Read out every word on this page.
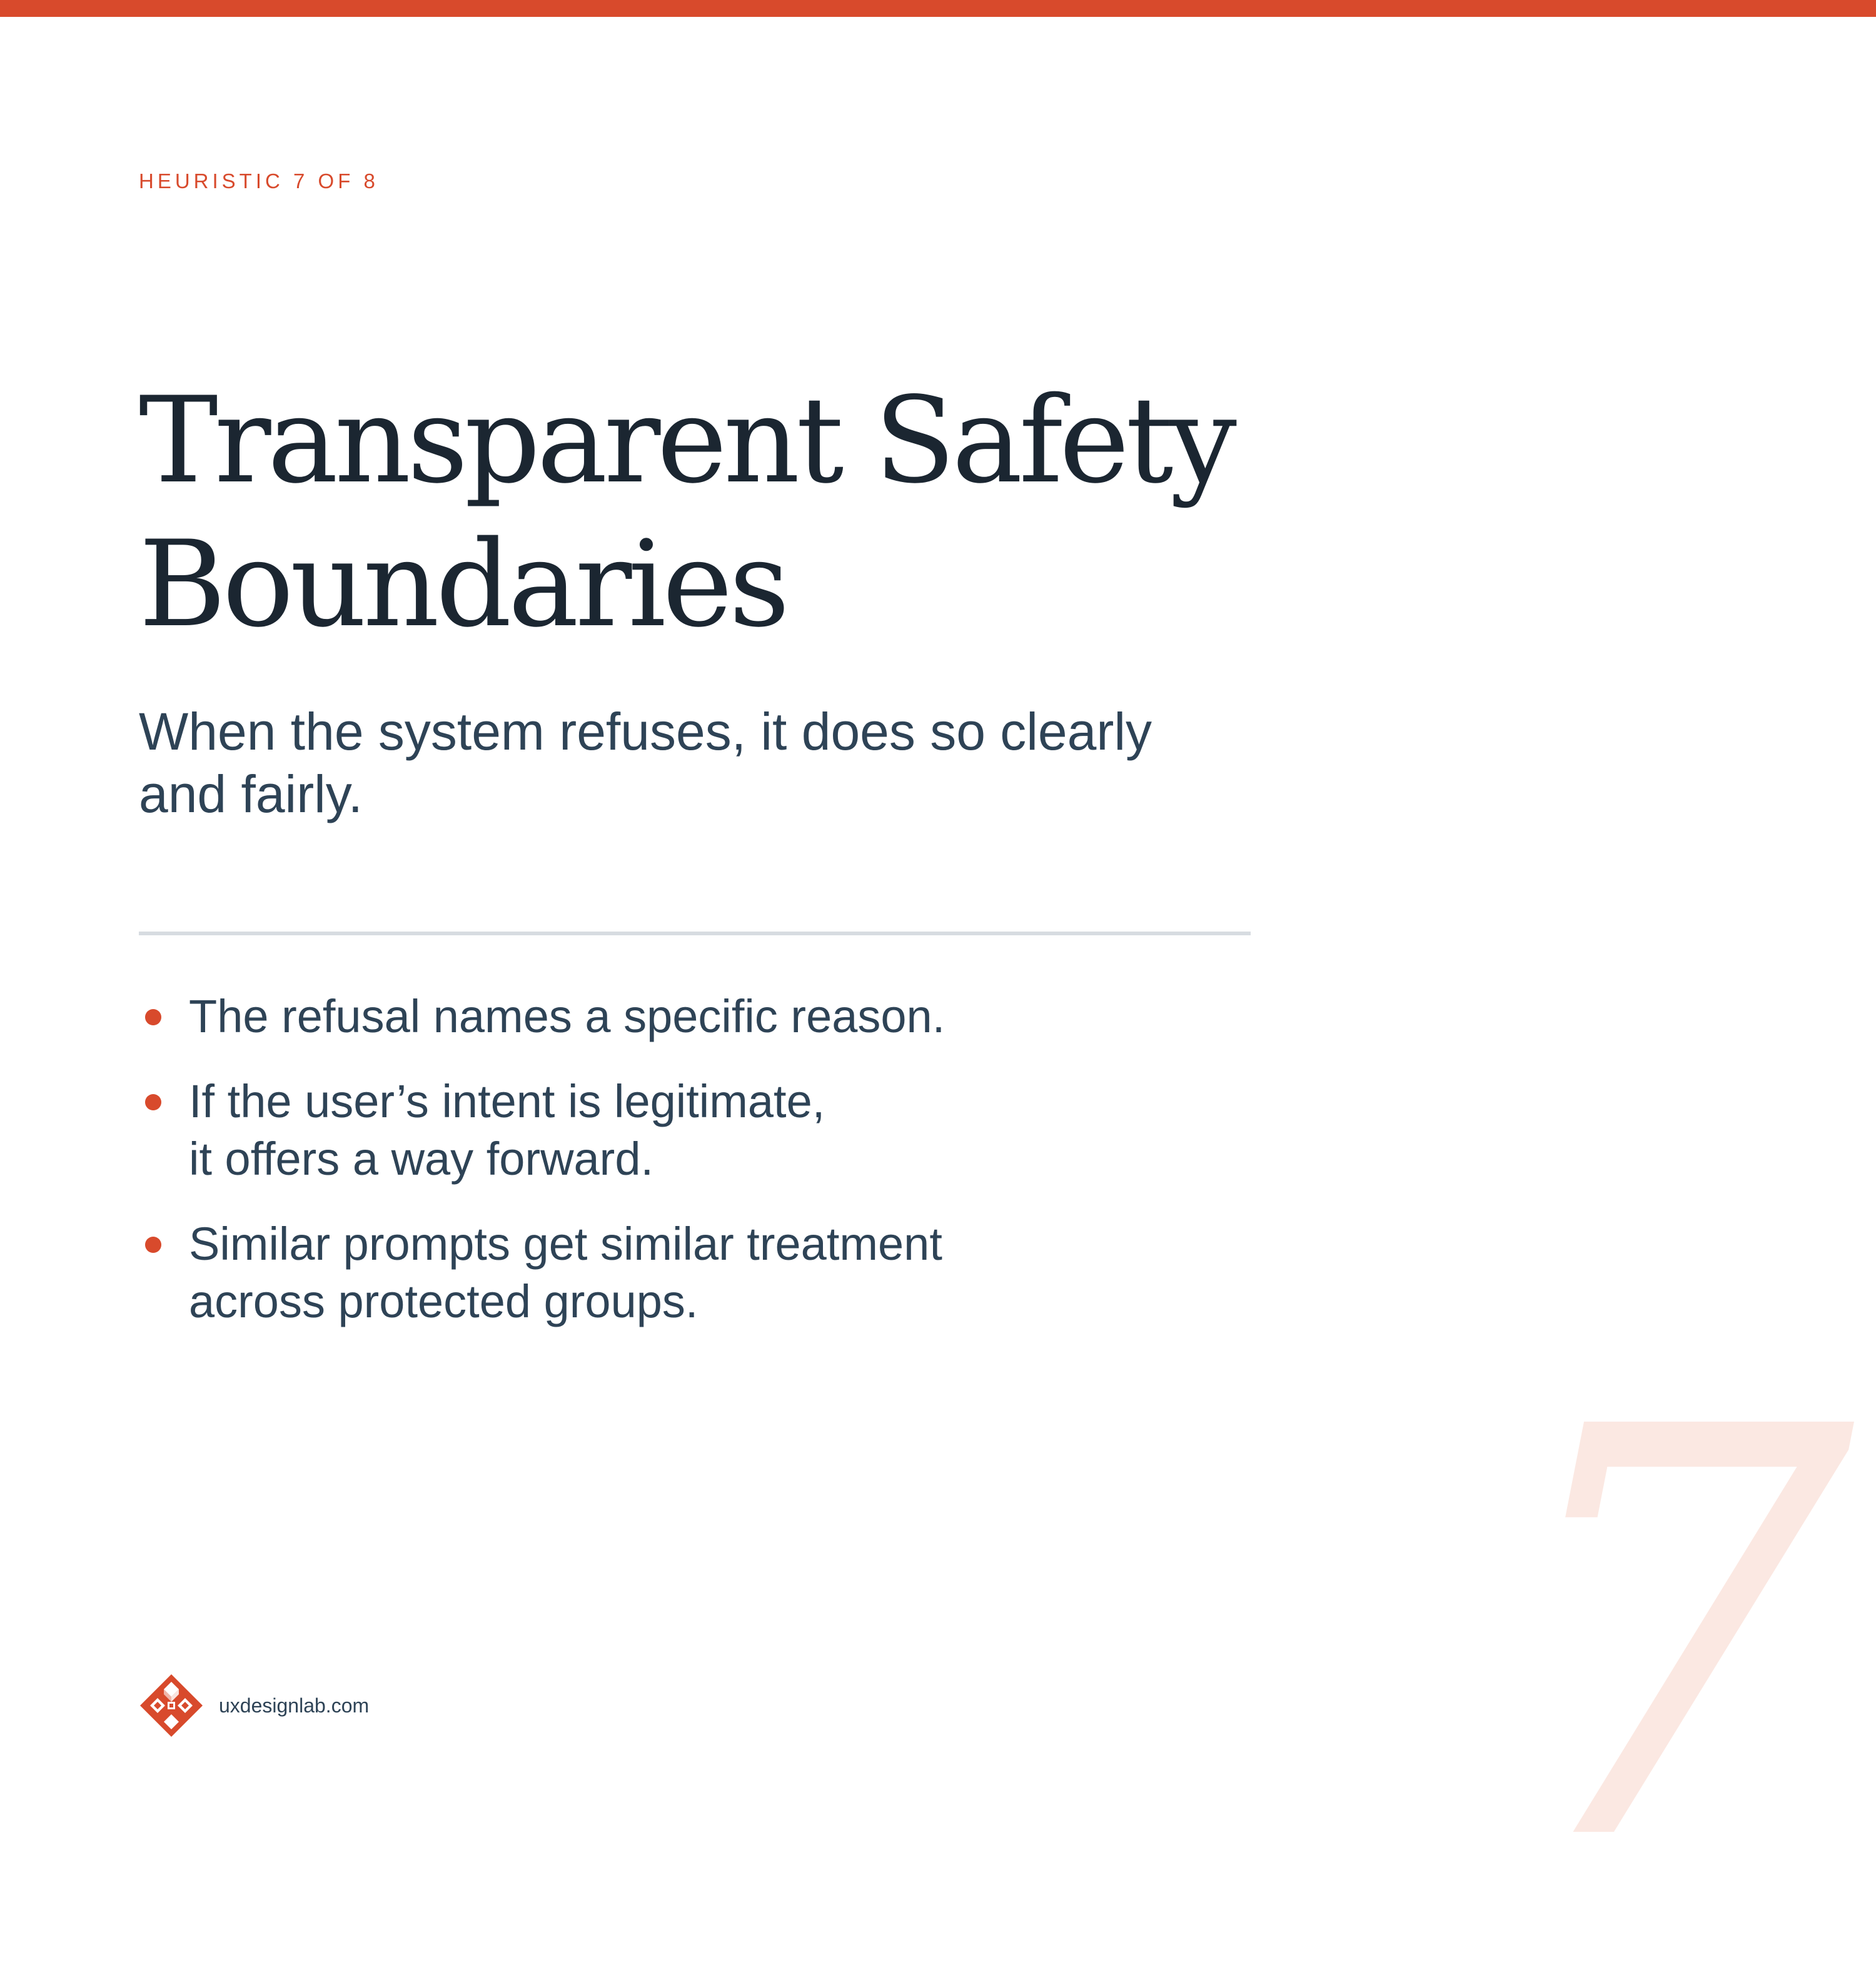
HEURISTIC 7 OF 8
Transparent Safety
Boundaries
When the system refuses, it does so clearly
and fairly.
The refusal names a specific reason.
If the user’s intent is legitimate,
it offers a way forward.
Similar prompts get similar treatment
across protected groups.
7
uxdesignlab.com
